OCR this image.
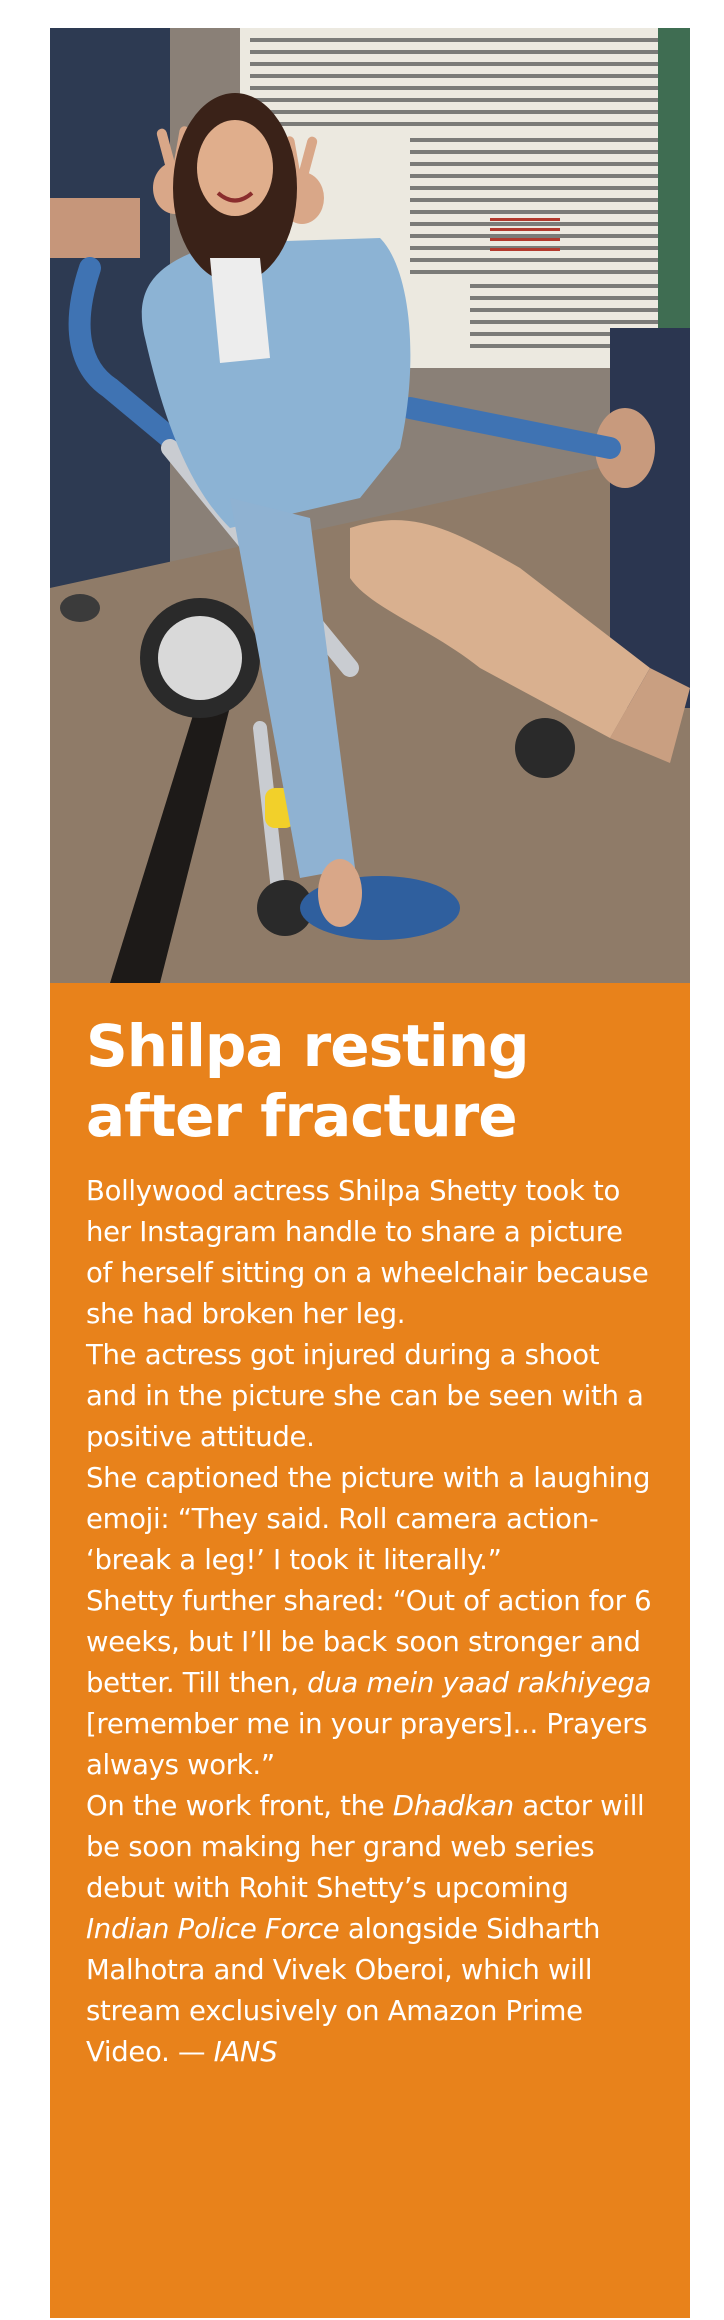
Shilpa resting
after fracture

Bollywood actress Shilpa Shetty took to her Instagram handle to share a picture of herself sitting on a wheelchair because she had broken her leg.

The actress got injured during a shoot and in the picture she can be seen with a positive attitude.

She captioned the picture with a laughing emoji: “They said. Roll camera action- ‘break a leg!’ I took it literally.”

Shetty further shared: “Out of action for 6 weeks, but I’ll be back soon stronger and better. Till then, dua mein yaad rakhiyega [remember me in your prayers]... Prayers always work.”

On the work front, the Dhadkan actor will be soon making her grand web series debut with Rohit Shetty’s upcoming Indian Police Force alongside Sidharth Malhotra and Vivek Oberoi, which will stream exclusively on Amazon Prime Video. — IANS
